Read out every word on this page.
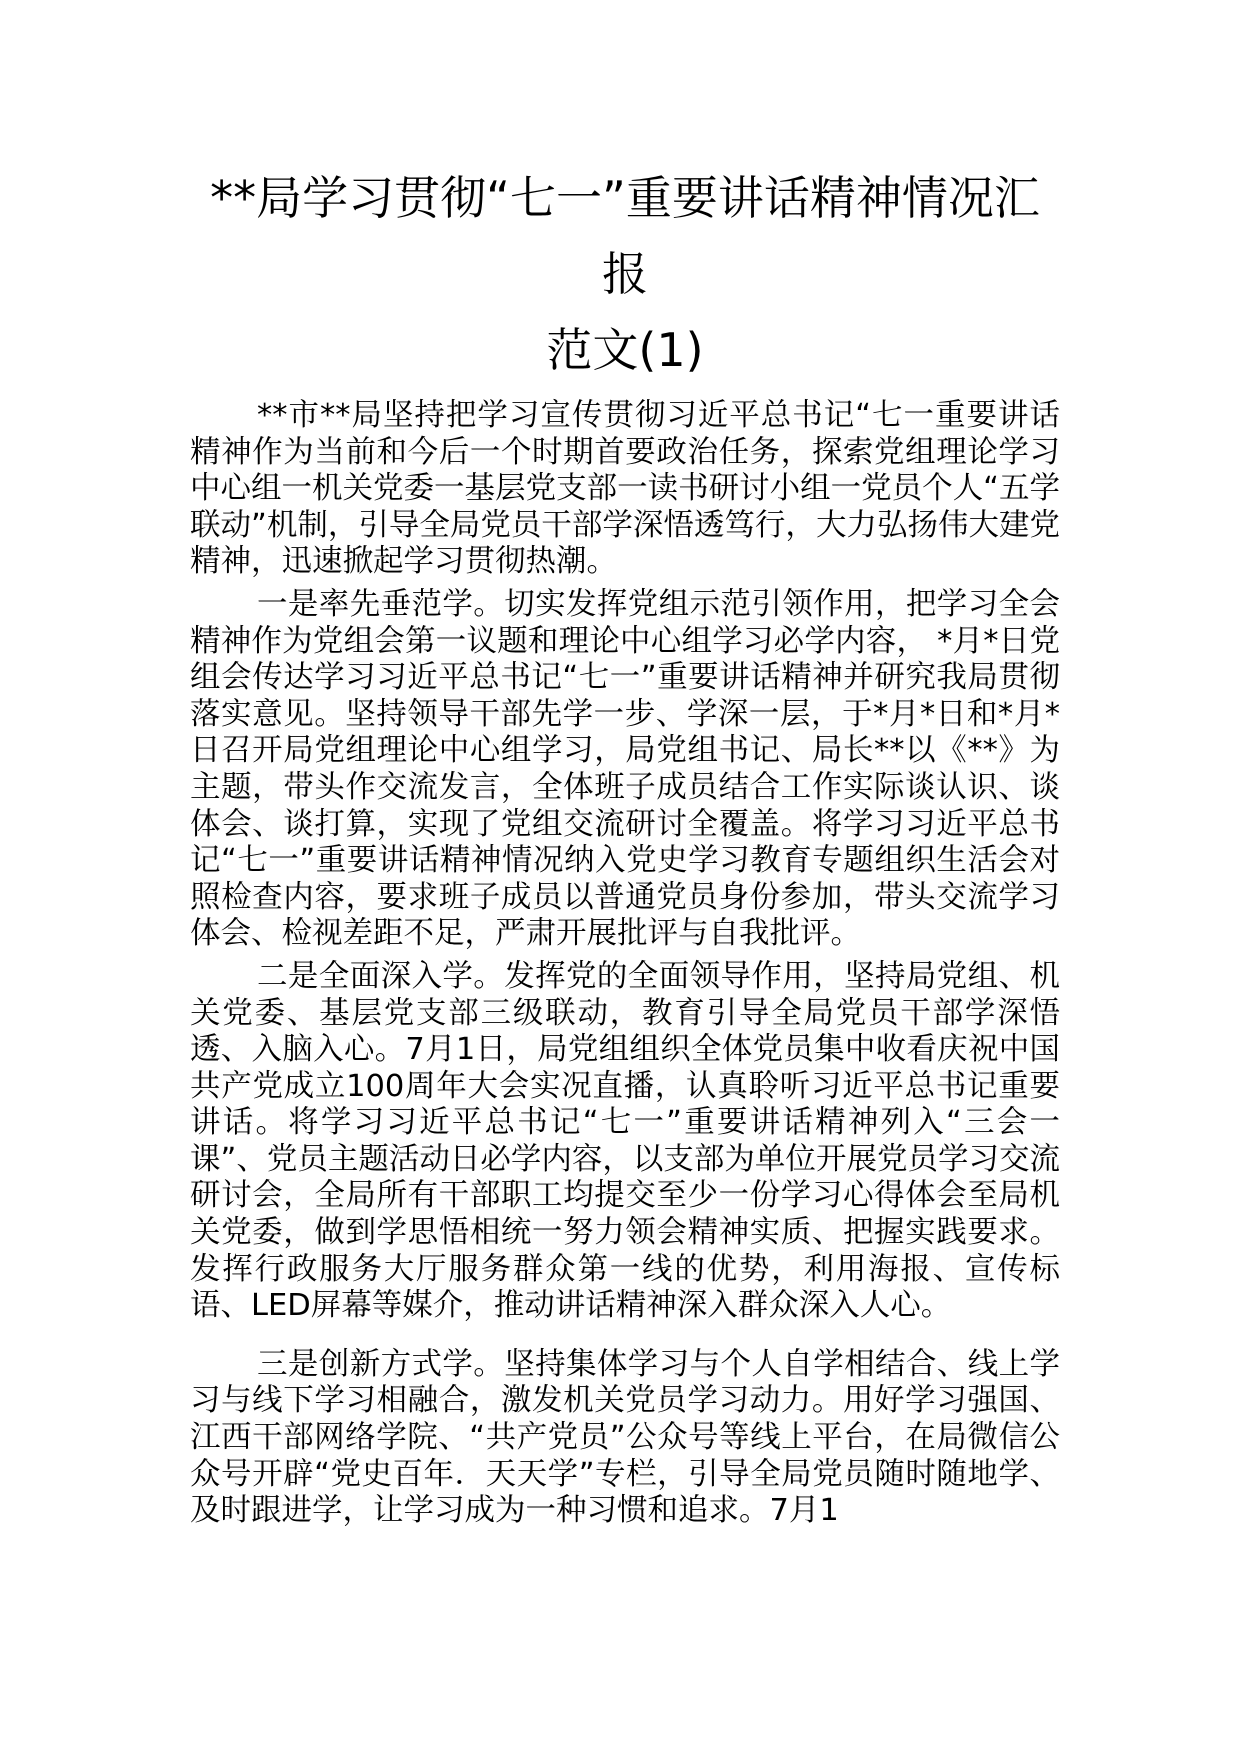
**局学习贯彻“七一”重要讲话精神情况汇报
范文(1)

**市**局坚持把学习宣传贯彻习近平总书记“七一重要讲话精神作为当前和今后一个时期首要政治任务，探索党组理论学习中心组一机关党委一基层党支部一读书研讨小组一党员个人“五学联动”机制，引导全局党员干部学深悟透笃行，大力弘扬伟大建党精神，迅速掀起学习贯彻热潮。

一是率先垂范学。切实发挥党组示范引领作用，把学习全会精神作为党组会第一议题和理论中心组学习必学内容， *月*日党组会传达学习习近平总书记“七一”重要讲话精神并研究我局贯彻落实意见。坚持领导干部先学一步、学深一层，于*月*日和*月*日召开局党组理论中心组学习，局党组书记、局长**以《**》为主题，带头作交流发言，全体班子成员结合工作实际谈认识、谈体会、谈打算，实现了党组交流研讨全覆盖。将学习习近平总书记“七一”重要讲话精神情况纳入党史学习教育专题组织生活会对照检查内容，要求班子成员以普通党员身份参加，带头交流学习体会、检视差距不足，严肃开展批评与自我批评。

二是全面深入学。发挥党的全面领导作用，坚持局党组、机关党委、基层党支部三级联动，教育引导全局党员干部学深悟透、入脑入心。7月1日，局党组组织全体党员集中收看庆祝中国共产党成立100周年大会实况直播，认真聆听习近平总书记重要讲话。将学习习近平总书记“七一”重要讲话精神列入“三会一课”、党员主题活动日必学内容，以支部为单位开展党员学习交流研讨会，全局所有干部职工均提交至少一份学习心得体会至局机关党委，做到学思悟相统一努力领会精神实质、把握实践要求。发挥行政服务大厅服务群众第一线的优势，利用海报、宣传标语、LED屏幕等媒介，推动讲话精神深入群众深入人心。

三是创新方式学。坚持集体学习与个人自学相结合、线上学习与线下学习相融合，激发机关党员学习动力。用好学习强国、江西干部网络学院、“共产党员”公众号等线上平台，在局微信公众号开辟“党史百年．天天学”专栏，引导全局党员随时随地学、及时跟进学，让学习成为一种习惯和追求。7月1
